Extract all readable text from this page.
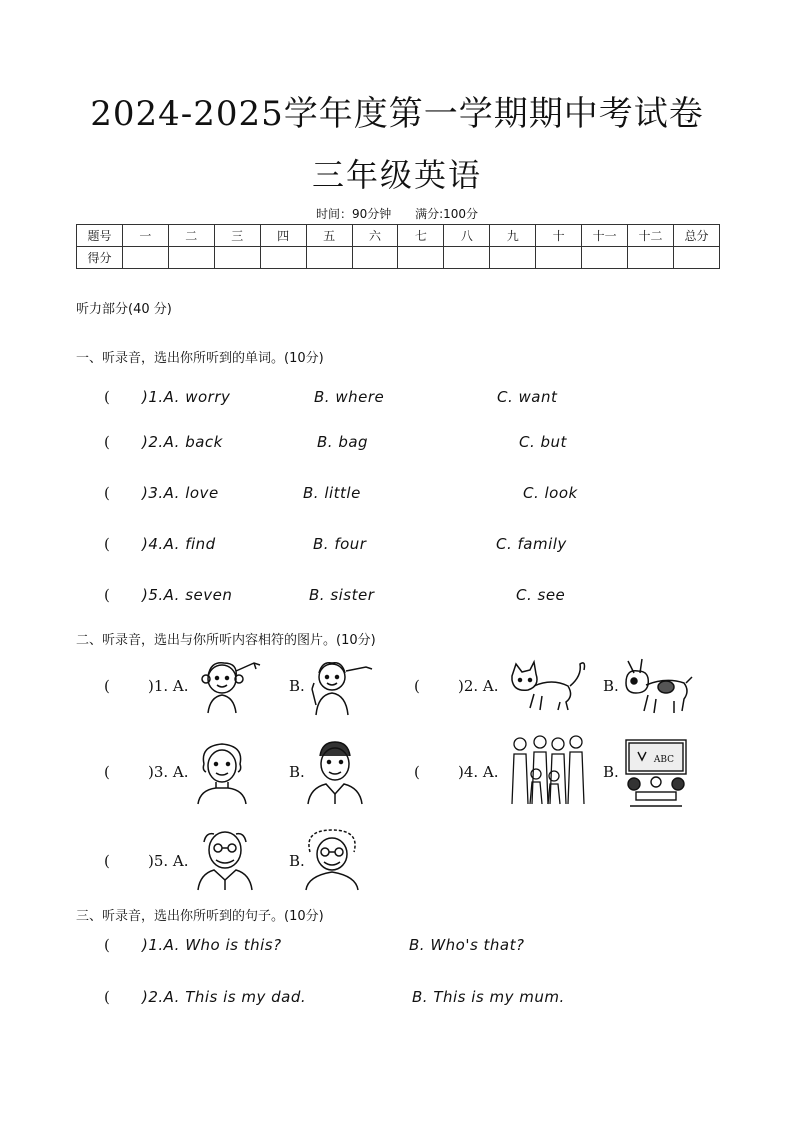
2024-2025学年度第一学期期中考试卷
三年级英语
时间：90分钟 满分:100分
题号	一	二	三	四	五	六	七	八	九	十	十一	十二	总分
得分													
听力部分(40 分)
一、听录音，选出你所听到的单词。(10分)
(      )1.A. worry	B. where	C. want
(      )2.A. back	B. bag	C. but
(      )3.A. love	B. little	C. look
(      )4.A. find	B. four	C. family
(      )5.A. seven	B. sister	C. see
二、听录音，选出与你所听内容相符的图片。(10分)
(        )1. A.	B.	(        )2. A.	B.
(        )3. A.	B.	(        )4. A.	B.
ABC
(        )5. A.	B.
三、听录音，选出你所听到的句子。(10分)
(      )1.A. Who is this?	B. Who's that?
(      )2.A. This is my dad.	B. This is my mum.
